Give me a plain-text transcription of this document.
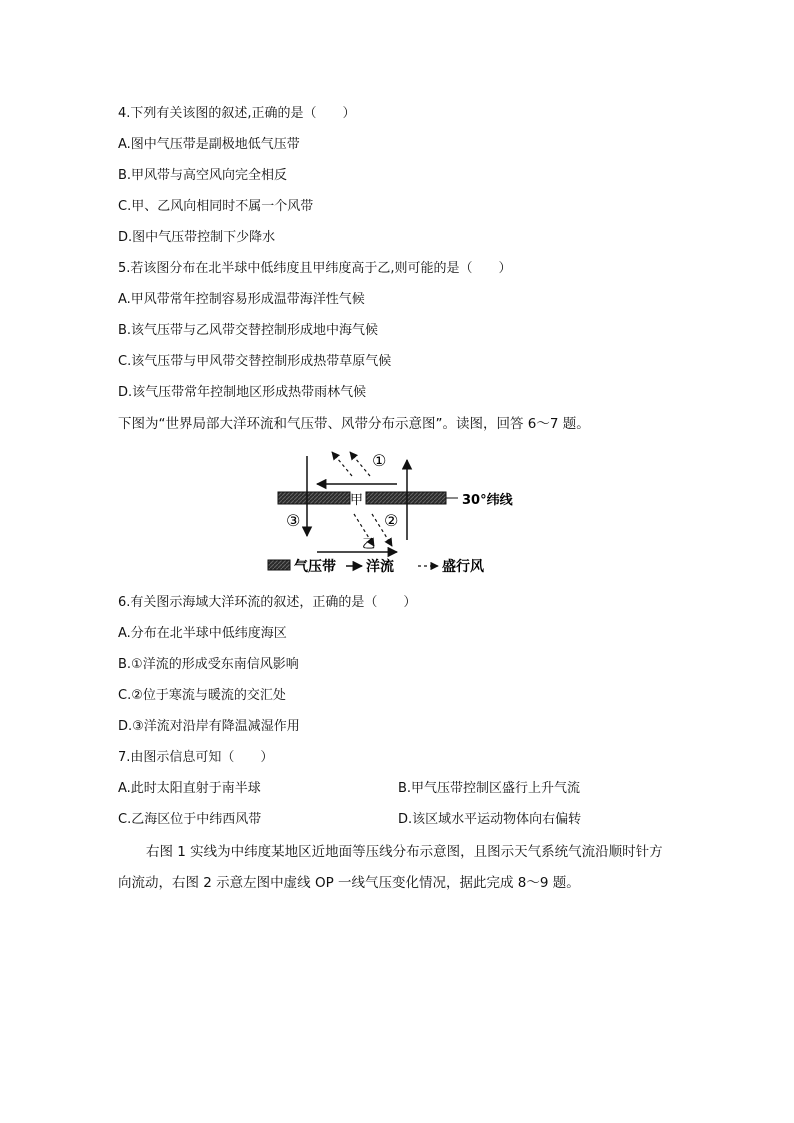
4.下列有关该图的叙述,正确的是（　　）
A.图中气压带是副极地低气压带
B.甲风带与高空风向完全相反
C.甲、乙风向相同时不属一个风带
D.图中气压带控制下少降水
5.若该图分布在北半球中低纬度且甲纬度高于乙,则可能的是（　　）
A.甲风带常年控制容易形成温带海洋性气候
B.该气压带与乙风带交替控制形成地中海气候
C.该气压带与甲风带交替控制形成热带草原气候
D.该气压带常年控制地区形成热带雨林气候
下图为“世界局部大洋环流和气压带、风带分布示意图”。读图，回答 6～7 题。
①
甲	30°纬线
③	②
乙
气压带 洋流	盛行风
6.有关图示海域大洋环流的叙述，正确的是（　　）
A.分布在北半球中低纬度海区
B.①洋流的形成受东南信风影响
C.②位于寒流与暖流的交汇处
D.③洋流对沿岸有降温减湿作用
7.由图示信息可知（　　）
A.此时太阳直射于南半球	B.甲气压带控制区盛行上升气流
C.乙海区位于中纬西风带	D.该区域水平运动物体向右偏转
右图 1 实线为中纬度某地区近地面等压线分布示意图，且图示天气系统气流沿顺时针方
向流动，右图 2 示意左图中虚线 OP 一线气压变化情况，据此完成 8～9 题。
